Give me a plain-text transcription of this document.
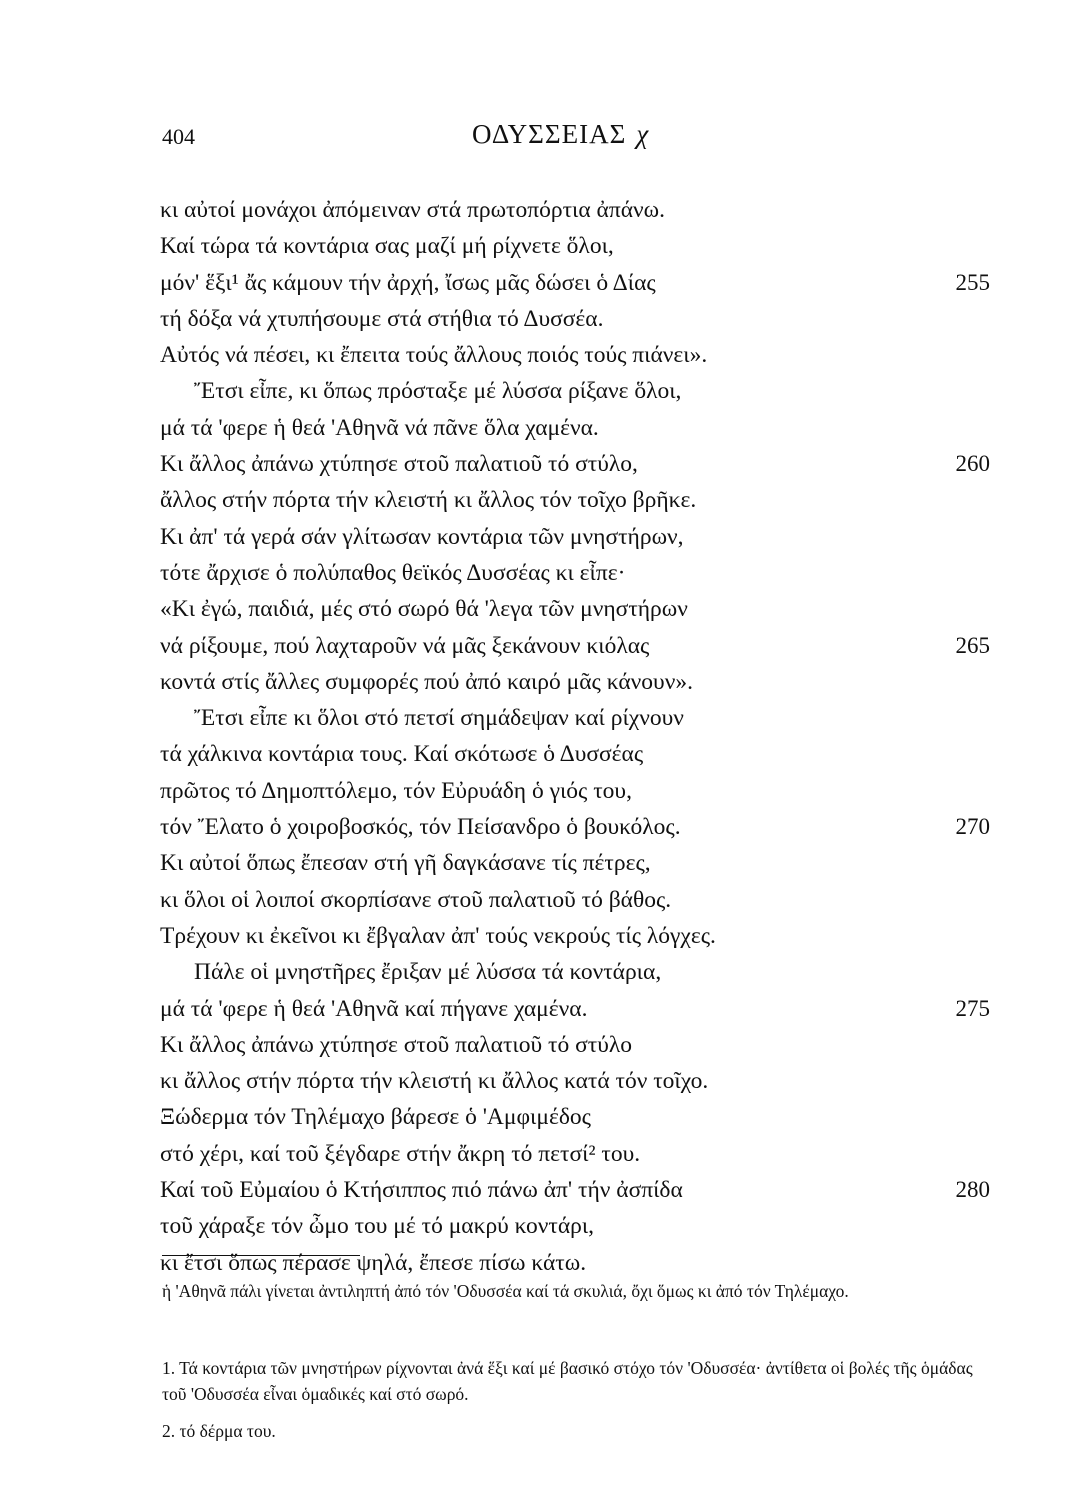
404	ΟΔΥΣΣΕΙΑΣ χ
κι αὐτοί μονάχοι ἀπόμειναν στά πρωτοπόρτια ἀπάνω.
Καί τώρα τά κοντάρια σας μαζί μή ρίχνετε ὅλοι,
μόν' ἕξι¹ ἄς κάμουν τήν ἀρχή, ἴσως μᾶς δώσει ὁ Δίας	255
τή δόξα νά χτυπήσουμε στά στήθια τό Δυσσέα.
Αὐτός νά πέσει, κι ἔπειτα τούς ἄλλους ποιός τούς πιάνει».
Ἔτσι εἶπε, κι ὅπως πρόσταξε μέ λύσσα ρίξανε ὅλοι,
μά τά 'φερε ἡ θεά 'Αθηνᾶ νά πᾶνε ὅλα χαμένα.
Κι ἄλλος ἀπάνω χτύπησε στοῦ παλατιοῦ τό στύλο,	260
ἄλλος στήν πόρτα τήν κλειστή κι ἄλλος τόν τοῖχο βρῆκε.
Κι ἀπ' τά γερά σάν γλίτωσαν κοντάρια τῶν μνηστήρων,
τότε ἄρχισε ὁ πολύπαθος θεϊκός Δυσσέας κι εἶπε·
«Κι ἐγώ, παιδιά, μές στό σωρό θά 'λεγα τῶν μνηστήρων
νά ρίξουμε, πού λαχταροῦν νά μᾶς ξεκάνουν κιόλας	265
κοντά στίς ἄλλες συμφορές πού ἀπό καιρό μᾶς κάνουν».
Ἔτσι εἶπε κι ὅλοι στό πετσί σημάδεψαν καί ρίχνουν
τά χάλκινα κοντάρια τους. Καί σκότωσε ὁ Δυσσέας
πρῶτος τό Δημοπτόλεμο, τόν Εὐρυάδη ὁ γιός του,
τόν Ἔλατο ὁ χοιροβοσκός, τόν Πείσανδρο ὁ βουκόλος.	270
Κι αὐτοί ὅπως ἔπεσαν στή γῆ δαγκάσανε τίς πέτρες,
κι ὅλοι οἱ λοιποί σκορπίσανε στοῦ παλατιοῦ τό βάθος.
Τρέχουν κι ἐκεῖνοι κι ἔβγαλαν ἀπ' τούς νεκρούς τίς λόγχες.
Πάλε οἱ μνηστῆρες ἔριξαν μέ λύσσα τά κοντάρια,
μά τά 'φερε ἡ θεά 'Αθηνᾶ καί πήγανε χαμένα.	275
Κι ἄλλος ἀπάνω χτύπησε στοῦ παλατιοῦ τό στύλο
κι ἄλλος στήν πόρτα τήν κλειστή κι ἄλλος κατά τόν τοῖχο.
Ξώδερμα τόν Τηλέμαχο βάρεσε ὁ 'Αμφιμέδος
στό χέρι, καί τοῦ ξέγδαρε στήν ἄκρη τό πετσί² του.
Καί τοῦ Εὐμαίου ὁ Κτήσιππος πιό πάνω ἀπ' τήν ἀσπίδα	280
τοῦ χάραξε τόν ὦμο του μέ τό μακρύ κοντάρι,
κι ἔτσι ὅπως πέρασε ψηλά, ἔπεσε πίσω κάτω.
ἡ 'Αθηνᾶ πάλι γίνεται ἀντιληπτή ἀπό τόν 'Οδυσσέα καί τά σκυλιά, ὄχι ὅμως κι ἀπό τόν Τηλέμαχο.
1. Τά κοντάρια τῶν μνηστήρων ρίχνονται ἀνά ἕξι καί μέ βασικό στόχο τόν 'Οδυσσέα· ἀντίθετα οἱ βολές τῆς ὁμάδας τοῦ 'Οδυσσέα εἶναι ὁμαδικές καί στό σωρό.
2. τό δέρμα του.
